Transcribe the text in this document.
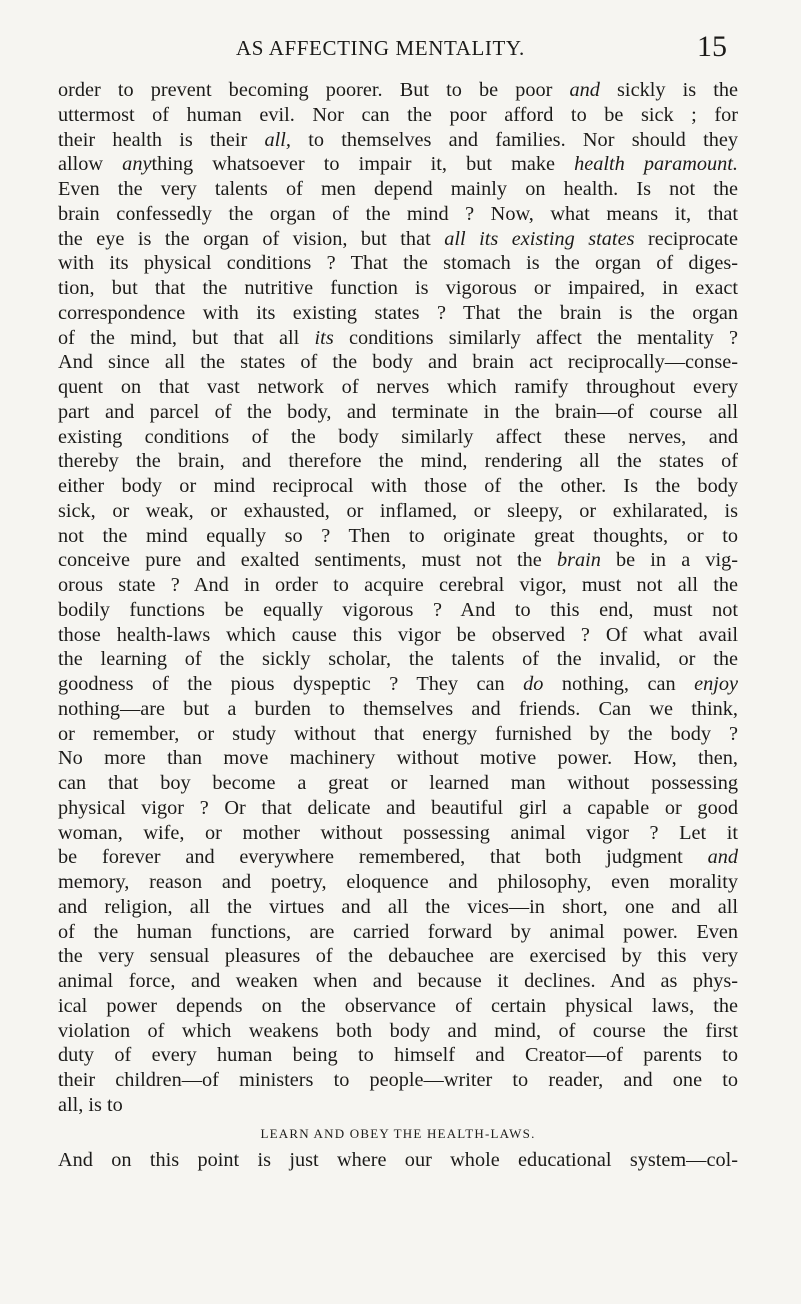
AS AFFECTING MENTALITY.	15
order to prevent becoming poorer. But to be poor and sickly is the
uttermost of human evil. Nor can the poor afford to be sick ; for
their health is their all, to themselves and families. Nor should they
allow anything whatsoever to impair it, but make health paramount.
Even the very talents of men depend mainly on health. Is not the
brain confessedly the organ of the mind ? Now, what means it, that
the eye is the organ of vision, but that all its existing states reciprocate
with its physical conditions ? That the stomach is the organ of diges-
tion, but that the nutritive function is vigorous or impaired, in exact
correspondence with its existing states ? That the brain is the organ
of the mind, but that all its conditions similarly affect the mentality ?
And since all the states of the body and brain act reciprocally—conse-
quent on that vast network of nerves which ramify throughout every
part and parcel of the body, and terminate in the brain—of course all
existing conditions of the body similarly affect these nerves, and
thereby the brain, and therefore the mind, rendering all the states of
either body or mind reciprocal with those of the other. Is the body
sick, or weak, or exhausted, or inflamed, or sleepy, or exhilarated, is
not the mind equally so ? Then to originate great thoughts, or to
conceive pure and exalted sentiments, must not the brain be in a vig-
orous state ? And in order to acquire cerebral vigor, must not all the
bodily functions be equally vigorous ? And to this end, must not
those health-laws which cause this vigor be observed ? Of what avail
the learning of the sickly scholar, the talents of the invalid, or the
goodness of the pious dyspeptic ? They can do nothing, can enjoy
nothing—are but a burden to themselves and friends. Can we think,
or remember, or study without that energy furnished by the body ?
No more than move machinery without motive power. How, then,
can that boy become a great or learned man without possessing
physical vigor ? Or that delicate and beautiful girl a capable or good
woman, wife, or mother without possessing animal vigor ? Let it
be forever and everywhere remembered, that both judgment and
memory, reason and poetry, eloquence and philosophy, even morality
and religion, all the virtues and all the vices—in short, one and all
of the human functions, are carried forward by animal power. Even
the very sensual pleasures of the debauchee are exercised by this very
animal force, and weaken when and because it declines. And as phys-
ical power depends on the observance of certain physical laws, the
violation of which weakens both body and mind, of course the first
duty of every human being to himself and Creator—of parents to
their children—of ministers to people—writer to reader, and one to
all, is to
LEARN AND OBEY THE HEALTH-LAWS.
And on this point is just where our whole educational system—col-
